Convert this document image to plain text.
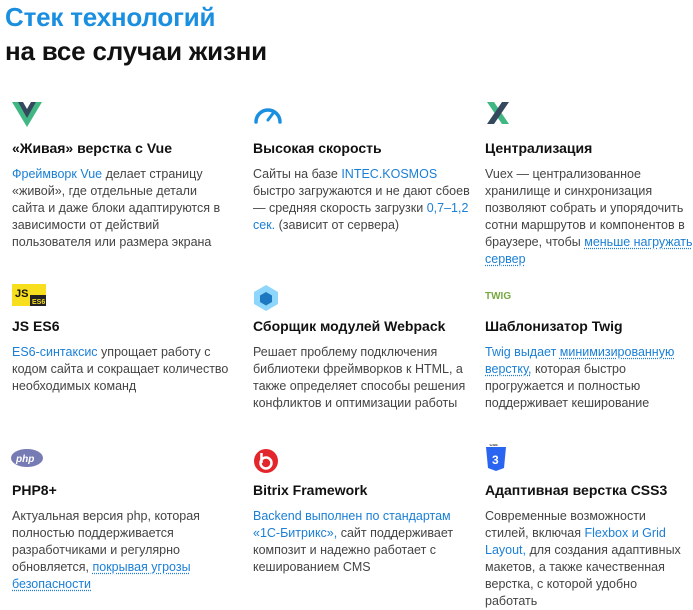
Стек технологий
на все случаи жизни
«Живая» верстка с Vue
Фреймворк Vue делает страницу «живой», где отдельные детали сайта и даже блоки адаптируются в зависимости от действий пользователя или размера экрана
Высокая скорость
Сайты на базе INTEC.KOSMOS быстро загружаются и не дают сбоев — средняя скорость загрузки 0,7–1,2 сек. (зависит от сервера)
Централизация
Vuex — централизованное хранилище и синхронизация позволяют собрать и упорядочить сотни маршрутов и компонентов в браузере, чтобы меньше нагружать сервер
JS
ES6
JS ES6
ES6-синтаксис упрощает работу с кодом сайта и сокращает количество необходимых команд
Сборщик модулей Webpack
Решает проблему подключения библиотеки фреймворков к HTML, а также определяет способы решения конфликтов и оптимизации работы
TWIG
Шаблонизатор Twig
Twig выдает минимизированную верстку, которая быстро прогружается и полностью поддерживает кеширование
php
PHP8+
Актуальная версия php, которая полностью поддерживается разработчиками и регулярно обновляется, покрывая угрозы безопасности
Bitrix Framework
Backend выполнен по стандартам «1С-Битрикс», сайт поддерживает композит и надежно работает с кешированием CMS
CSS
3
Адаптивная верстка CSS3
Современные возможности стилей, включая Flexbox и Grid Layout, для создания адаптивных макетов, а также качественная верстка, с которой удобно работать
